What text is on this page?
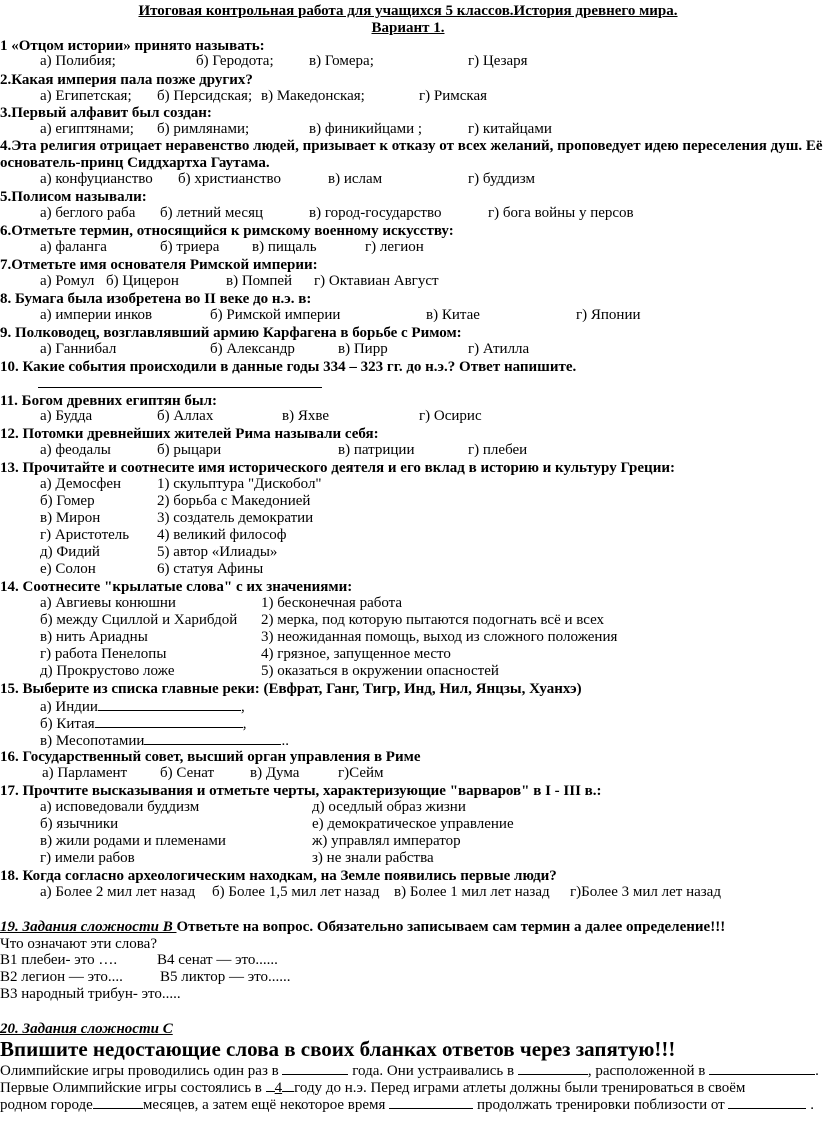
Итоговая контрольная работа для учащихся 5 классов.История древнего мира.
Вариант 1.
1 «Отцом истории» принято называть:
а) Полибия;	б) Геродота; в) Гомера;	г) Цезаря
2.Какая империя пала позже других?
а) Египетская; б) Персидская; в) Македонская;	г) Римская
3.Первый алфавит был создан:
а) египтянами; б) римлянами;	в) финикийцами ;	г) китайцами
4.Эта религия отрицает неравенство людей, призывает к отказу от всех желаний, проповедует идею переселения душ. Её
основатель-принц Сиддхартха Гаутама.
а) конфуцианство б) христианство	в) ислам	г) буддизм
5.Полисом называли:
а) беглого раба б) летний месяц	в) город-государство	г) бога войны у персов
6.Отметьте термин, относящийся к римскому военному искусству:
а) фаланга	б) триера в) пищаль	г) легион
7.Отметьте имя основателя Римской империи:
а) Ромул б) Цицерон	в) Помпей г) Октавиан Август
8. Бумага была изобретена во II веке до н.э. в:
а) империи инков	б) Римской империи	в) Китае	г) Японии
9. Полководец, возглавлявший армию Карфагена в борьбе с Римом:
а) Ганнибал	б) Александр	в) Пирр	г) Атилла
10. Какие события происходили в данные годы 334 – 323 гг. до н.э.? Ответ напишите.
11. Богом древних египтян был:
а) Будда	б) Аллах	в) Яхве	г) Осирис
12. Потомки древнейших жителей Рима называли себя:
а) феодалы	б) рыцари	в) патриции	г) плебеи
13. Прочитайте и соотнесите имя исторического деятеля и его вклад в историю и культуру Греции:
а) Демосфен 1) скульптура "Дискобол"
б) Гомер	2) борьба с Македонией
в) Мирон	3) создатель демократии
г) Аристотель 4) великий философ
д) Фидий	5) автор «Илиады»
е) Солон	6) статуя Афины
14. Соотнесите "крылатые слова" с их значениями:
а) Авгиевы конюшни	1) бесконечная работа
б) между Сциллой и Харибдой 2) мерка, под которую пытаются подогнать всё и всех
в) нить Ариадны	3) неожиданная помощь, выход из сложного положения
г) работа Пенелопы	4) грязное, запущенное место
д) Прокрустово ложе	5) оказаться в окружении опасностей
15. Выберите из списка главные реки: (Евфрат, Ганг, Тигр, Инд, Нил, Янцзы, Хуанхэ)
а) Индии	,
б) Китая	,
в) Месопотамии	..
16. Государственный совет, высший орган управления в Риме
а) Парламент б) Сенат в) Дума	г)Сейм
17. Прочтите высказывания и отметьте черты, характеризующие "варваров" в I - III в.:
а) исповедовали буддизм	д) оседлый образ жизни
б) язычники	е) демократическое управление
в) жили родами и племенами	ж) управлял император
г) имели рабов	з) не знали рабства
18. Когда согласно археологическим находкам, на Земле появились первые люди?
а) Более 2 мил лет назад б) Более 1,5 мил лет назад в) Более 1 мил лет назад г)Более 3 мил лет назад
19. Задания сложности В Ответьте на вопрос. Обязательно записываем сам термин а далее определение!!!
Что означают эти слова?
В1 плебеи- это ….	В4 сенат — это......
В2 легион — это.... В5 ликтор — это......
В3 народный трибун- это.....
20. Задания сложности С
Впишите недостающие слова в своих бланках ответов через запятую!!!
Олимпийские игры проводились один раз в	года. Они устраивались в	, расположенной в	.
Первые Олимпийские игры состоялись в 4 году до н.э. Перед играми атлеты должны были тренироваться в своём
родном городе	месяцев, а затем ещё некоторое время	продолжать тренировки поблизости от	.
